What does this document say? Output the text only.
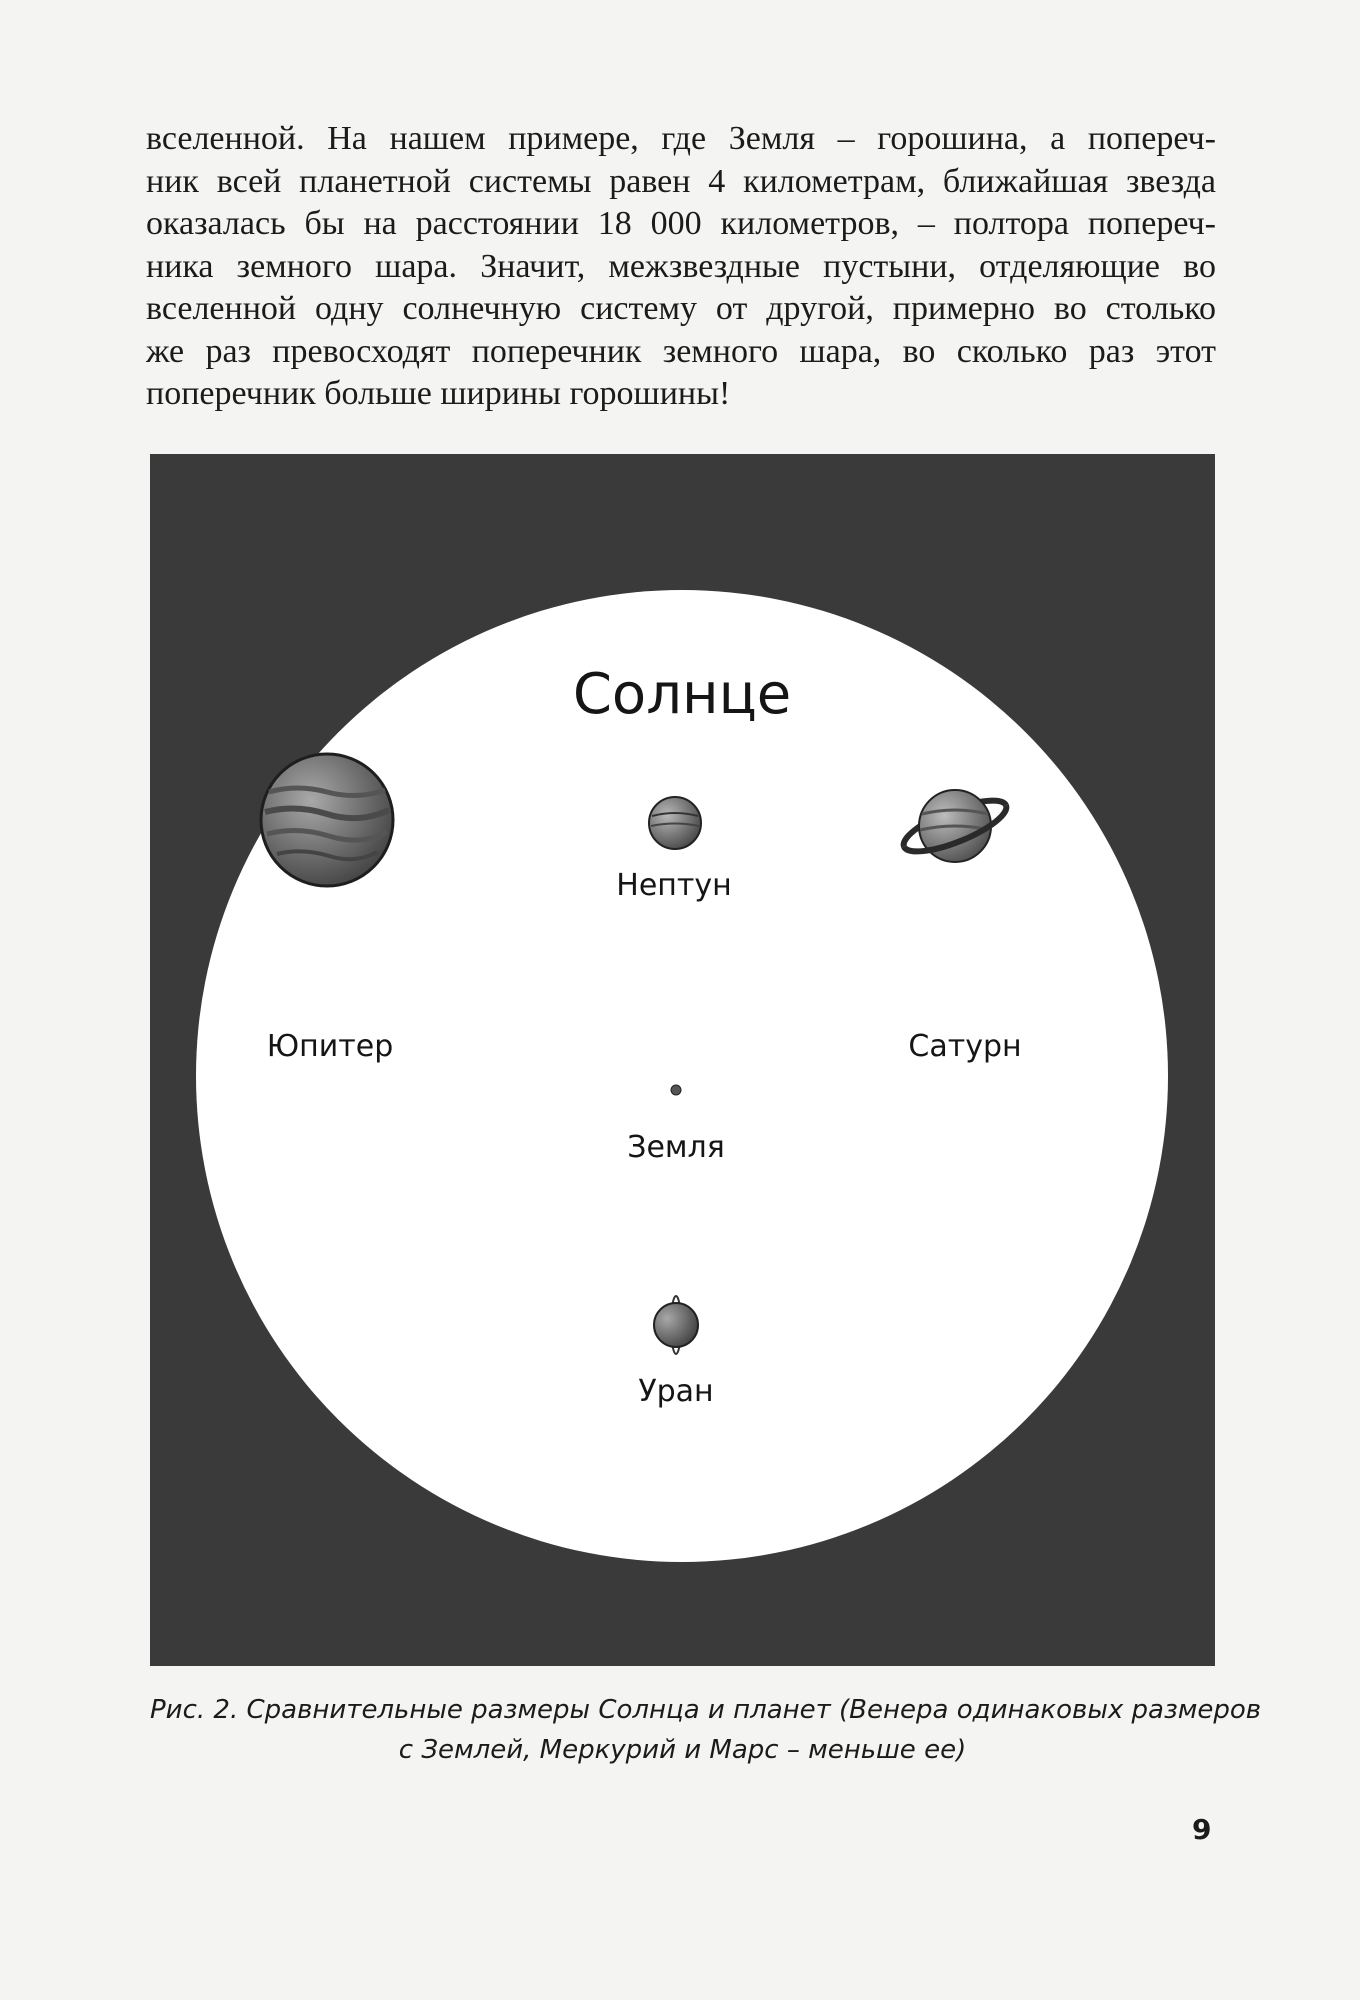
вселенной. На нашем примере, где Земля – горошина, а попереч-
ник всей планетной системы равен 4 километрам, ближайшая звезда
оказалась бы на расстоянии 18 000 километров, – полтора попереч-
ника земного шара. Значит, межзвездные пустыни, отделяющие во
вселенной одну солнечную систему от другой, примерно во столько
же раз превосходят поперечник земного шара, во сколько раз этот
поперечник больше ширины горошины!
Солнце
Нептун
Юпитер	Сатурн
Земля
Уран
Рис. 2. Сравнительные размеры Солнца и планет (Венера одинаковых размеров
с Землей, Меркурий и Марс – меньше ее)
9
